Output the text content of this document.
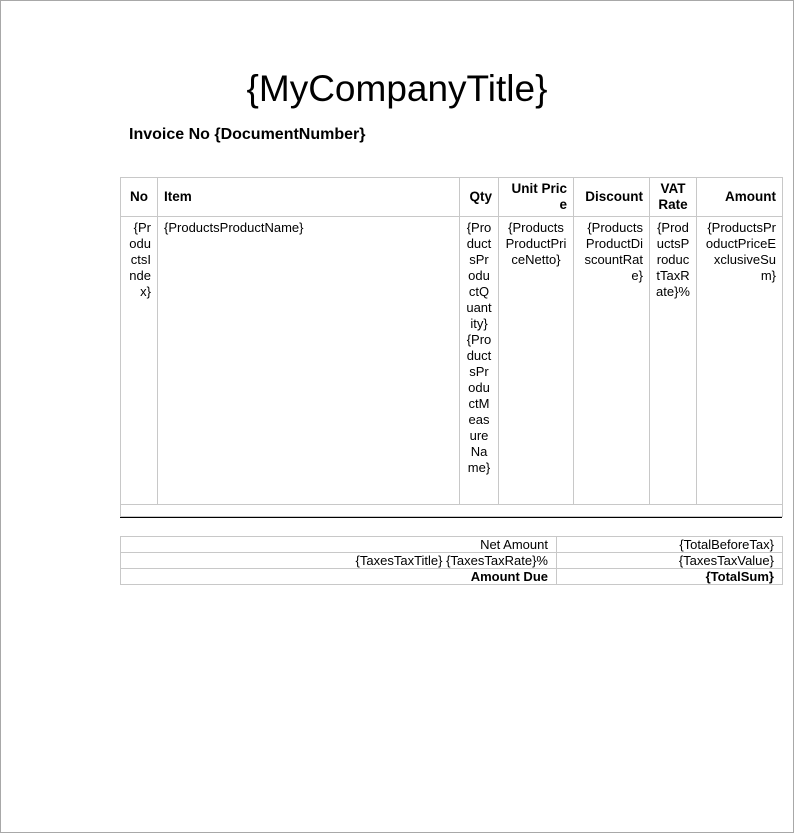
{MyCompanyTitle}
Invoice No {DocumentNumber}
No	Item	Qty	Unit Price	Discount	VAT Rate	Amount
{ProductsIndex}	{ProductsProductName}	{ProductsProductQuantity} {ProductsProductMeasureName}	{ProductsProductPriceNetto}	{ProductsProductDiscountRate}	{ProductsProductTaxRate}%	{ProductsProductPriceExclusiveSum}

Net Amount	{TotalBeforeTax}
{TaxesTaxTitle} {TaxesTaxRate}%	{TaxesTaxValue}
Amount Due	{TotalSum}
